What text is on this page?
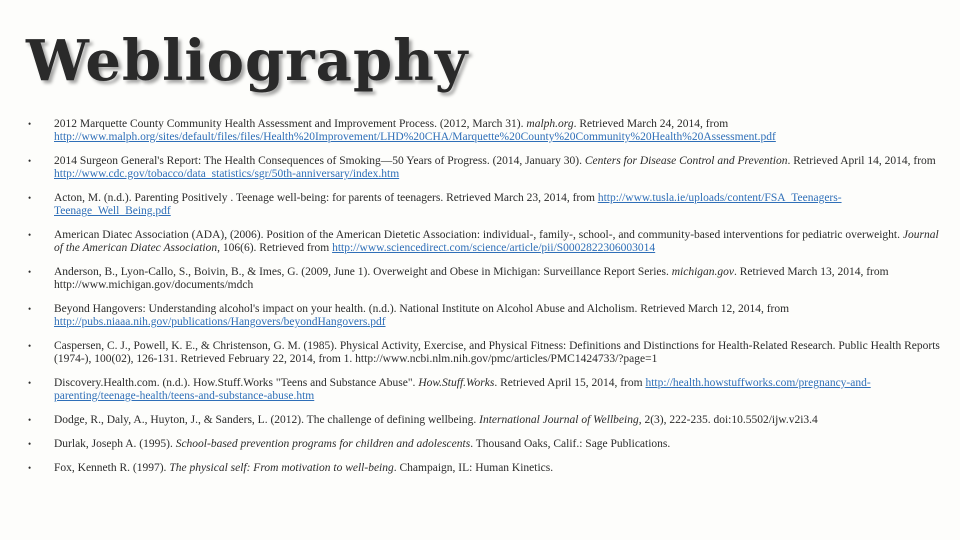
Webliography
• 2012 Marquette County Community Health Assessment and Improvement Process. (2012, March 31). malph.org. Retrieved March 24, 2014, from http://www.malph.org/sites/default/files/files/Health%20Improvement/LHD%20CHA/Marquette%20County%20Community%20Health%20Assessment.pdf
• 2014 Surgeon General's Report: The Health Consequences of Smoking—50 Years of Progress. (2014, January 30). Centers for Disease Control and Prevention. Retrieved April 14, 2014, from http://www.cdc.gov/tobacco/data_statistics/sgr/50th-anniversary/index.htm
• Acton, M. (n.d.). Parenting Positively . Teenage well-being: for parents of teenagers. Retrieved March 23, 2014, from http://www.tusla.ie/uploads/content/FSA_Teenagers-Teenage_Well_Being.pdf
• American Diatec Association (ADA), (2006). Position of the American Dietetic Association: individual-, family-, school-, and community-based interventions for pediatric overweight. Journal of the American Diatec Association, 106(6). Retrieved from http://www.sciencedirect.com/science/article/pii/S0002822306003014
• Anderson, B., Lyon-Callo, S., Boivin, B., & Imes, G. (2009, June 1). Overweight and Obese in Michigan: Surveillance Report Series. michigan.gov. Retrieved March 13, 2014, from http://www.michigan.gov/documents/mdch
• Beyond Hangovers: Understanding alcohol's impact on your health. (n.d.). National Institute on Alcohol Abuse and Alcholism. Retrieved March 12, 2014, from http://pubs.niaaa.nih.gov/publications/Hangovers/beyondHangovers.pdf
• Caspersen, C. J., Powell, K. E., & Christenson, G. M. (1985). Physical Activity, Exercise, and Physical Fitness: Definitions and Distinctions for Health-Related Research. Public Health Reports (1974-), 100(02), 126-131. Retrieved February 22, 2014, from 1. http://www.ncbi.nlm.nih.gov/pmc/articles/PMC1424733/?page=1
• Discovery.Health.com. (n.d.). How.Stuff.Works "Teens and Substance Abuse". How.Stuff.Works. Retrieved April 15, 2014, from http://health.howstuffworks.com/pregnancy-and-parenting/teenage-health/teens-and-substance-abuse.htm
• Dodge, R., Daly, A., Huyton, J., & Sanders, L. (2012). The challenge of defining wellbeing. International Journal of Wellbeing, 2(3), 222-235. doi:10.5502/ijw.v2i3.4
• Durlak, Joseph A. (1995). School-based prevention programs for children and adolescents. Thousand Oaks, Calif.: Sage Publications.
• Fox, Kenneth R. (1997). The physical self: From motivation to well-being. Champaign, IL: Human Kinetics.
